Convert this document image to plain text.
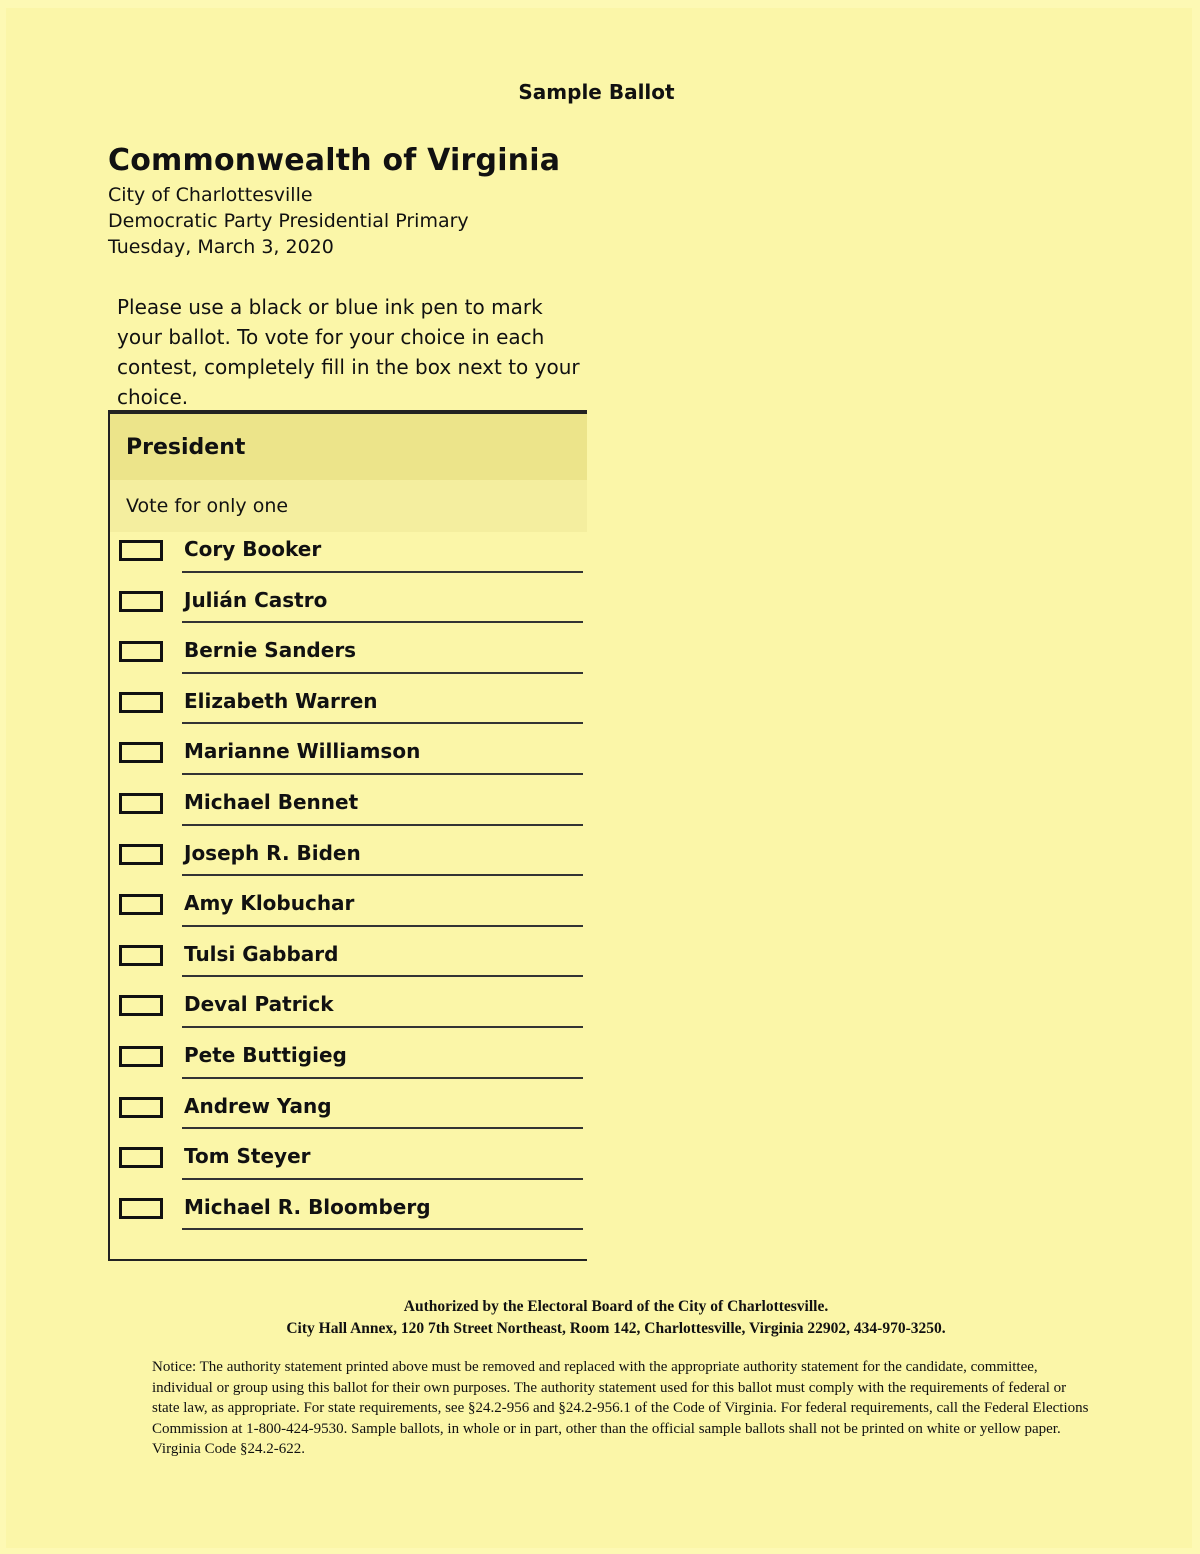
Sample Ballot
Commonwealth of Virginia
City of Charlottesville
Democratic Party Presidential Primary
Tuesday, March 3, 2020
Please use a black or blue ink pen to mark your ballot. To vote for your choice in each contest, completely fill in the box next to your choice.
President
Vote for only one
Cory Booker
Julián Castro
Bernie Sanders
Elizabeth Warren
Marianne Williamson
Michael Bennet
Joseph R. Biden
Amy Klobuchar
Tulsi Gabbard
Deval Patrick
Pete Buttigieg
Andrew Yang
Tom Steyer
Michael R. Bloomberg
Authorized by the Electoral Board of the City of Charlottesville.
City Hall Annex, 120 7th Street Northeast, Room 142, Charlottesville, Virginia 22902, 434-970-3250.
Notice: The authority statement printed above must be removed and replaced with the appropriate authority statement for the candidate, committee, individual or group using this ballot for their own purposes. The authority statement used for this ballot must comply with the requirements of federal or state law, as appropriate. For state requirements, see §24.2-956 and §24.2-956.1 of the Code of Virginia. For federal requirements, call the Federal Elections Commission at 1-800-424-9530. Sample ballots, in whole or in part, other than the official sample ballots shall not be printed on white or yellow paper. Virginia Code §24.2-622.
